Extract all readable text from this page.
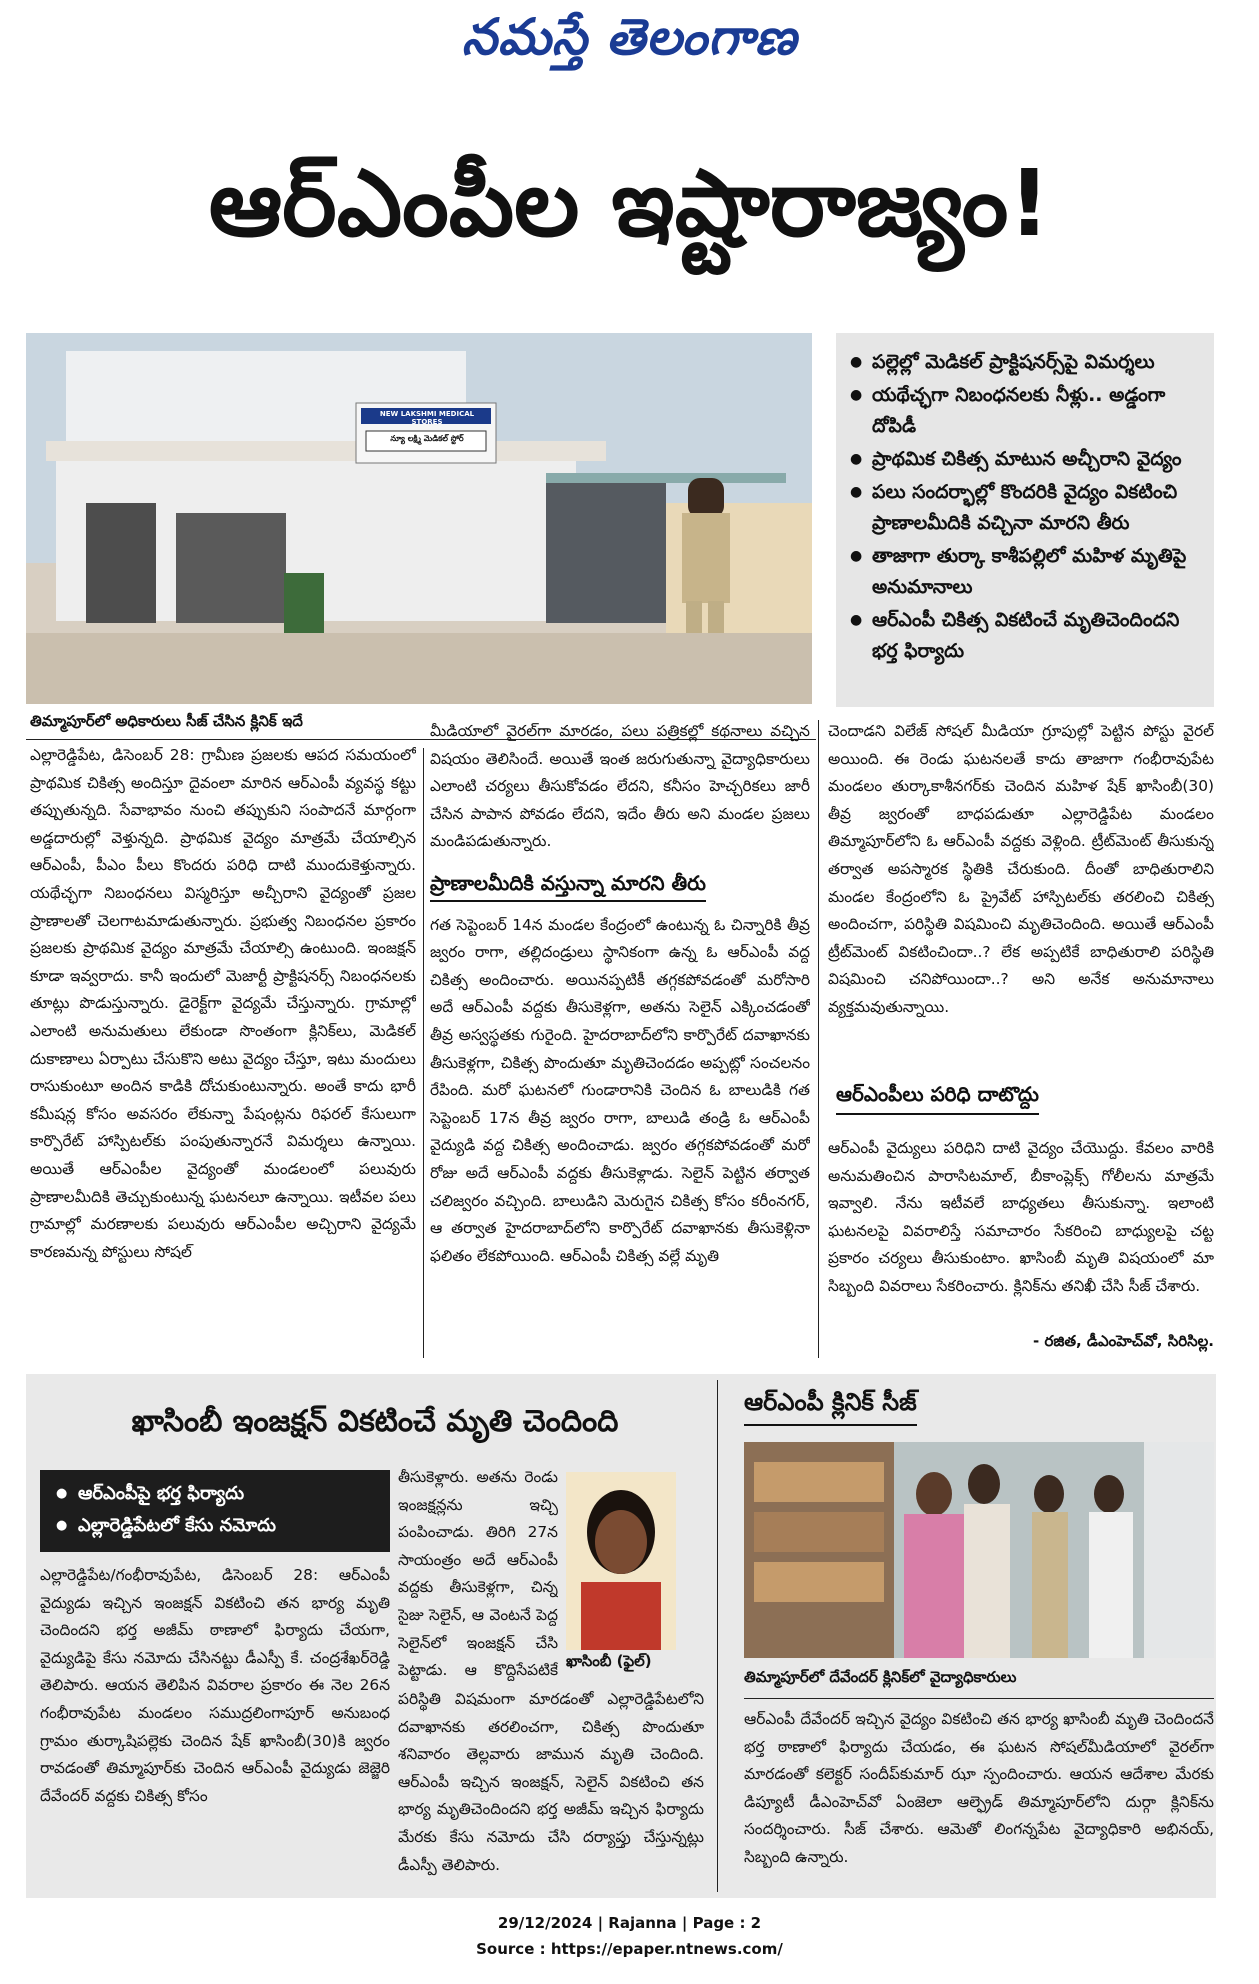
నమస్తే తెలంగాణ
ఆర్‌ఎంపీల ఇష్టారాజ్యం!
NEW LAKSHMI MEDICAL STORES
న్యూ లక్ష్మి మెడికల్ స్టోర్
తిమ్మాపూర్‌లో అధికారులు సీజ్ చేసిన క్లినిక్ ఇదే
● పల్లెల్లో మెడికల్ ప్రాక్టిషనర్స్‌పై విమర్శలు
● యథేచ్ఛగా నిబంధనలకు నీళ్లు.. అడ్డంగా దోపిడీ
● ప్రాథమిక చికిత్స మాటున అచ్చీరాని వైద్యం
● పలు సందర్భాల్లో కొందరికి వైద్యం వికటించి ప్రాణాలమీదికి వచ్చినా మారని తీరు
● తాజాగా తుర్కా కాశీపల్లిలో మహిళ మృతిపై అనుమానాలు
● ఆర్‌ఎంపీ చికిత్స వికటించే మృతిచెందిందని భర్త ఫిర్యాదు

ఎల్లారెడ్డిపేట, డిసెంబర్ 28: గ్రామీణ ప్రజలకు ఆపద సమయంలో ప్రాథమిక చికిత్స అందిస్తూ దైవంలా మారిన ఆర్‌ఎంపీ వ్యవస్థ కట్టు తప్పుతున్నది. సేవాభావం నుంచి తప్పుకుని సంపాదనే మార్గంగా అడ్డదారుల్లో వెళ్తున్నది. ప్రాథమిక వైద్యం మాత్రమే చేయాల్సిన ఆర్‌ఎంపీ, పీఎం పీలు కొందరు పరిధి దాటి ముందుకెళ్తున్నారు. యథేచ్ఛగా నిబంధనలు విస్మరిస్తూ అచ్చీరాని వైద్యంతో ప్రజల ప్రాణాలతో చెలగాటమాడుతున్నారు. ప్రభుత్వ నిబంధనల ప్రకారం ప్రజలకు ప్రాథమిక వైద్యం మాత్రమే చేయాల్సి ఉంటుంది. ఇంజక్షన్ కూడా ఇవ్వరాదు. కానీ ఇందులో మెజార్టీ ప్రాక్టిషనర్స్ నిబంధనలకు తూట్లు పొడుస్తున్నారు. డైరెక్ట్‌గా వైద్యమే చేస్తున్నారు. గ్రామాల్లో ఎలాంటి అనుమతులు లేకుండా సొంతంగా క్లినిక్‌లు, మెడికల్ దుకాణాలు ఏర్పాటు చేసుకొని అటు వైద్యం చేస్తూ, ఇటు మందులు రాసుకుంటూ అందిన కాడికి దోచుకుంటున్నారు. అంతే కాదు భారీ కమీషన్ల కోసం అవసరం లేకున్నా పేషంట్లను రిఫరల్ కేసులుగా కార్పొరేట్ హాస్పిటల్‌కు పంపుతున్నారనే విమర్శలు ఉన్నాయి. అయితే ఆర్‌ఎంపీల వైద్యంతో మండలంలో పలువురు ప్రాణాలమీదికి తెచ్చుకుంటున్న ఘటనలూ ఉన్నాయి. ఇటీవల పలు గ్రామాల్లో మరణాలకు పలువురు ఆర్‌ఎంపీల అచ్చిరాని వైద్యమే కారణమన్న పోస్టులు సోషల్

మీడియాలో వైరల్‌గా మారడం, పలు పత్రికల్లో కథనాలు వచ్చిన విషయం తెలిసిందే. అయితే ఇంత జరుగుతున్నా వైద్యాధికారులు ఎలాంటి చర్యలు తీసుకోవడం లేదని, కనీసం హెచ్చరికలు జారీ చేసిన పాపాన పోవడం లేదని, ఇదేం తీరు అని మండల ప్రజలు మండిపడుతున్నారు.

ప్రాణాలమీదికి వస్తున్నా మారని తీరు

గత సెప్టెంబర్ 14న మండల కేంద్రంలో ఉంటున్న ఓ చిన్నారికి తీవ్ర జ్వరం రాగా, తల్లిదండ్రులు స్థానికంగా ఉన్న ఓ ఆర్‌ఎంపీ వద్ద చికిత్స అందించారు. అయినప్పటికీ తగ్గకపోవడంతో మరోసారి అదే ఆర్‌ఎంపీ వద్దకు తీసుకెళ్లగా, అతను సెలైన్ ఎక్కించడంతో తీవ్ర అస్వస్థతకు గురైంది. హైదరాబాద్‌లోని కార్పొరేట్ దవాఖానకు తీసుకెళ్లగా, చికిత్స పొందుతూ మృతిచెందడం అప్పట్లో సంచలనం రేపింది. మరో ఘటనలో గుండారానికి చెందిన ఓ బాలుడికి గత సెప్టెంబర్ 17న తీవ్ర జ్వరం రాగా, బాలుడి తండ్రి ఓ ఆర్‌ఎంపీ వైద్యుడి వద్ద చికిత్స అందించాడు. జ్వరం తగ్గకపోవడంతో మరో రోజు అదే ఆర్‌ఎంపీ వద్దకు తీసుకెళ్లాడు. సెలైన్ పెట్టిన తర్వాత చలిజ్వరం వచ్చింది. బాలుడిని మెరుగైన చికిత్స కోసం కరీంనగర్, ఆ తర్వాత హైదరాబాద్‌లోని కార్పొరేట్ దవాఖానకు తీసుకెళ్లినా ఫలితం లేకపోయింది. ఆర్‌ఎంపీ చికిత్స వల్లే మృతి

చెందాడని విలేజ్ సోషల్ మీడియా గ్రూపుల్లో పెట్టిన పోస్టు వైరల్ అయింది. ఈ రెండు ఘటనలతే కాదు తాజాగా గంభీరావుపేట మండలం తుర్కాకాశీనగర్‌కు చెందిన మహిళ షేక్ ఖాసింబీ(30) తీవ్ర జ్వరంతో బాధపడుతూ ఎల్లారెడ్డిపేట మండలం తిమ్మాపూర్‌లోని ఓ ఆర్‌ఎంపీ వద్దకు వెళ్లింది. ట్రీట్‌మెంట్ తీసుకున్న తర్వాత అపస్మారక స్థితికి చేరుకుంది. దీంతో బాధితురాలిని మండల కేంద్రంలోని ఓ ప్రైవేట్ హాస్పిటల్‌కు తరలించి చికిత్స అందించగా, పరిస్థితి విషమించి మృతిచెందింది. అయితే ఆర్‌ఎంపీ ట్రీట్‌మెంట్ వికటించిందా..? లేక అప్పటికే బాధితురాలి పరిస్థితి విషమించి చనిపోయిందా..? అని అనేక అనుమానాలు వ్యక్తమవుతున్నాయి.

ఆర్‌ఎంపీలు పరిధి దాటొద్దు

ఆర్‌ఎంపీ వైద్యులు పరిధిని దాటి వైద్యం చేయొద్దు. కేవలం వారికి అనుమతించిన పారాసిటమాల్, బీకాంప్లెక్స్ గోలీలను మాత్రమే ఇవ్వాలి. నేను ఇటీవలే బాధ్యతలు తీసుకున్నా. ఇలాంటి ఘటనలపై వివరాలిస్తే సమాచారం సేకరించి బాధ్యులపై చట్ట ప్రకారం చర్యలు తీసుకుంటాం. ఖాసింబీ మృతి విషయంలో మా సిబ్బంది వివరాలు సేకరించారు. క్లినిక్‌ను తనిఖీ చేసి సీజ్ చేశారు.

- రజిత, డీఎంహెచ్‌వో, సిరిసిల్ల.
ఖాసింబీ ఇంజక్షన్ వికటించే మృతి చెందింది
● ఆర్‌ఎంపీపై భర్త ఫిర్యాదు
● ఎల్లారెడ్డిపేటలో కేసు నమోదు

ఎల్లారెడ్డిపేట/గంభీరావుపేట, డిసెంబర్ 28: ఆర్‌ఎంపీ వైద్యుడు ఇచ్చిన ఇంజక్షన్ వికటించి తన భార్య మృతి చెందిందని భర్త అజీమ్ ఠాణాలో ఫిర్యాదు చేయగా, వైద్యుడిపై కేసు నమోదు చేసినట్టు డీఎస్పీ కే. చంద్రశేఖర్‌రెడ్డి తెలిపారు. ఆయన తెలిపిన వివరాల ప్రకారం ఈ నెల 26న గంభీరావుపేట మండలం సముద్రలింగాపూర్ అనుబంధ గ్రామం తుర్కాషిపల్లెకు చెందిన షేక్ ఖాసింబీ(30)కి జ్వరం రావడంతో తిమ్మాపూర్‌కు చెందిన ఆర్‌ఎంపీ వైద్యుడు జెజ్జెరి దేవేందర్ వద్దకు చికిత్స కోసం

తీసుకెళ్లారు. అతను రెండు ఇంజక్షన్లను ఇచ్చి పంపించాడు. తిరిగి 27న సాయంత్రం అదే ఆర్‌ఎంపీ వద్దకు తీసుకెళ్లగా, చిన్న సైజు సెలైన్, ఆ వెంటనే పెద్ద సెలైన్‌లో ఇంజక్షన్ చేసి పెట్టాడు. ఆ కొద్దిసేపటికే

ఖాసింబీ (ఫైల్)

పరిస్థితి విషమంగా మారడంతో ఎల్లారెడ్డిపేటలోని దవాఖానకు తరలించగా, చికిత్స పొందుతూ శనివారం తెల్లవారు జామున మృతి చెందింది. ఆర్‌ఎంపీ ఇచ్చిన ఇంజక్షన్, సెలైన్ వికటించి తన భార్య మృతిచెందిందని భర్త అజీమ్ ఇచ్చిన ఫిర్యాదు మేరకు కేసు నమోదు చేసి దర్యాప్తు చేస్తున్నట్లు డీఎస్పీ తెలిపారు.

ఆర్‌ఎంపీ క్లినిక్ సీజ్
తిమ్మాపూర్‌లో దేవేందర్ క్లినిక్‌లో వైద్యాధికారులు

ఆర్‌ఎంపీ దేవేందర్ ఇచ్చిన వైద్యం వికటించి తన భార్య ఖాసింబీ మృతి చెందిందనే భర్త ఠాణాలో ఫిర్యాదు చేయడం, ఈ ఘటన సోషల్‌మీడియాలో వైరల్‌గా మారడంతో కలెక్టర్ సందీప్‌కుమార్ ఝా స్పందించారు. ఆయన ఆదేశాల మేరకు డిప్యూటీ డీఎంహెచ్‌వో ఏంజెలా ఆల్ఫ్రెడ్ తిమ్మాపూర్‌లోని దుర్గా క్లినిక్‌ను సందర్శించారు. సీజ్ చేశారు. ఆమెతో లింగన్నపేట వైద్యాధికారి అభినయ్, సిబ్బంది ఉన్నారు.

29/12/2024 | Rajanna | Page : 2
Source : https://epaper.ntnews.com/
